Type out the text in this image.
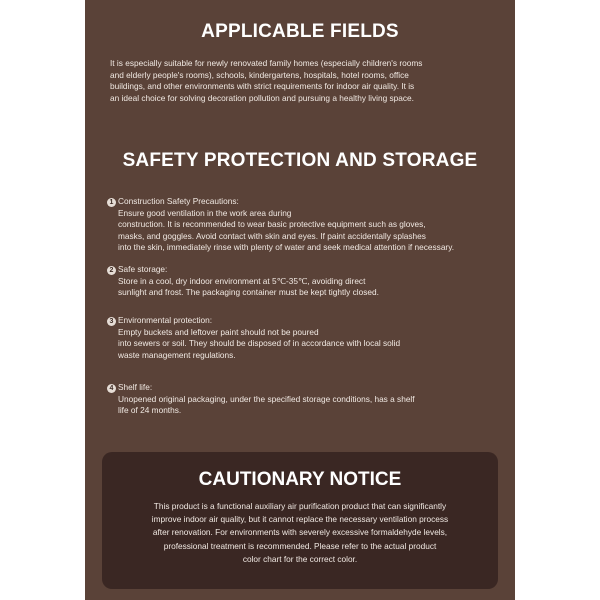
APPLICABLE FIELDS
It is especially suitable for newly renovated family homes (especially children's rooms
and elderly people's rooms), schools, kindergartens, hospitals, hotel rooms, office
buildings, and other environments with strict requirements for indoor air quality. It is
an ideal choice for solving decoration pollution and pursuing a healthy living space.
SAFETY PROTECTION AND STORAGE
1 Construction Safety Precautions:
Ensure good ventilation in the work area during
construction. It is recommended to wear basic protective equipment such as gloves,
masks, and goggles. Avoid contact with skin and eyes. If paint accidentally splashes
into the skin, immediately rinse with plenty of water and seek medical attention if necessary.
2 Safe storage:
Store in a cool, dry indoor environment at 5℃-35℃, avoiding direct
sunlight and frost. The packaging container must be kept tightly closed.
3 Environmental protection:
Empty buckets and leftover paint should not be poured
into sewers or soil. They should be disposed of in accordance with local solid
waste management regulations.
4 Shelf life:
Unopened original packaging, under the specified storage conditions, has a shelf
life of 24 months.
CAUTIONARY NOTICE
This product is a functional auxiliary air purification product that can significantly
improve indoor air quality, but it cannot replace the necessary ventilation process
after renovation. For environments with severely excessive formaldehyde levels,
professional treatment is recommended. Please refer to the actual product
color chart for the correct color.
